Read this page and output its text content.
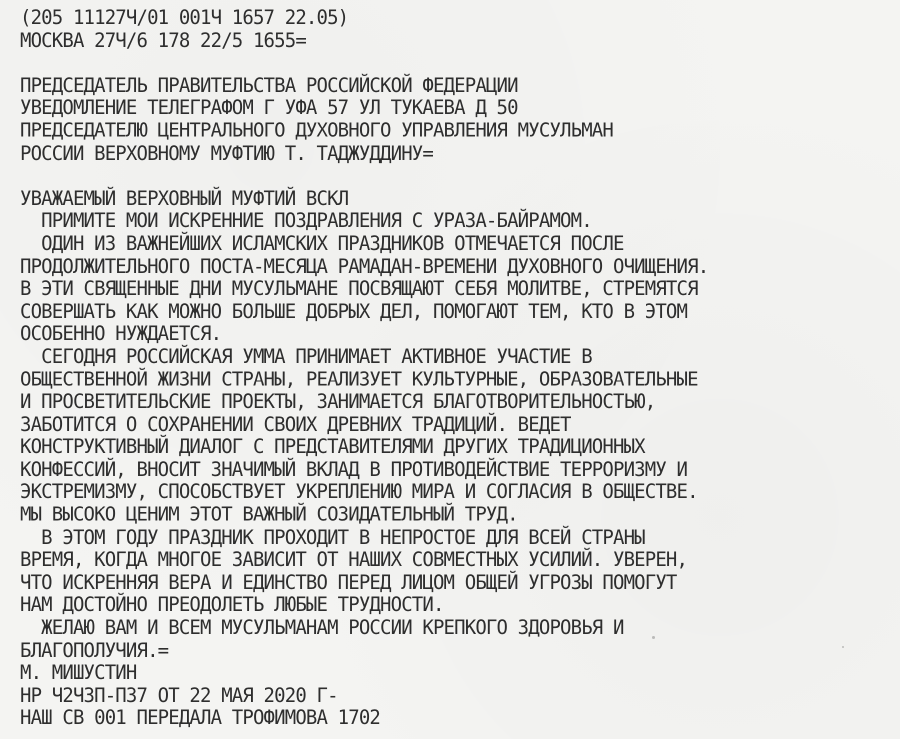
(205 11127Ч/01 001Ч 1657 22.05)
МОСКВА 27Ч/6 178 22/5 1655=
ПРЕДСЕДАТЕЛЬ ПРАВИТЕЛЬСТВА РОССИЙСКОЙ ФЕДЕРАЦИИ
УВЕДОМЛЕНИЕ ТЕЛЕГРАФОМ Г УФА 57 УЛ ТУКАЕВА Д 50
ПРЕДСЕДАТЕЛЮ ЦЕНТРАЛЬНОГО ДУХОВНОГО УПРАВЛЕНИЯ МУСУЛЬМАН
РОССИИ ВЕРХОВНОМУ МУФТИЮ Т. ТАДЖУДДИНУ=
УВАЖАЕМЫЙ ВЕРХОВНЫЙ МУФТИЙ ВСКЛ
ПРИМИТЕ МОИ ИСКРЕННИЕ ПОЗДРАВЛЕНИЯ С УРАЗА-БАЙРАМОМ.
ОДИН ИЗ ВАЖНЕЙШИХ ИСЛАМСКИХ ПРАЗДНИКОВ ОТМЕЧАЕТСЯ ПОСЛЕ
ПРОДОЛЖИТЕЛЬНОГО ПОСТА-МЕСЯЦА РАМАДАН-ВРЕМЕНИ ДУХОВНОГО ОЧИЩЕНИЯ.
В ЭТИ СВЯЩЕННЫЕ ДНИ МУСУЛЬМАНЕ ПОСВЯЩАЮТ СЕБЯ МОЛИТВЕ, СТРЕМЯТСЯ
СОВЕРШАТЬ КАК МОЖНО БОЛЬШЕ ДОБРЫХ ДЕЛ, ПОМОГАЮТ ТЕМ, КТО В ЭТОМ
ОСОБЕННО НУЖДАЕТСЯ.
СЕГОДНЯ РОССИЙСКАЯ УММА ПРИНИМАЕТ АКТИВНОЕ УЧАСТИЕ В
ОБЩЕСТВЕННОЙ ЖИЗНИ СТРАНЫ, РЕАЛИЗУЕТ КУЛЬТУРНЫЕ, ОБРАЗОВАТЕЛЬНЫЕ
И ПРОСВЕТИТЕЛЬСКИЕ ПРОЕКТЫ, ЗАНИМАЕТСЯ БЛАГОТВОРИТЕЛЬНОСТЬЮ,
ЗАБОТИТСЯ О СОХРАНЕНИИ СВОИХ ДРЕВНИХ ТРАДИЦИЙ. ВЕДЕТ
КОНСТРУКТИВНЫЙ ДИАЛОГ С ПРЕДСТАВИТЕЛЯМИ ДРУГИХ ТРАДИЦИОННЫХ
КОНФЕССИЙ, ВНОСИТ ЗНАЧИМЫЙ ВКЛАД В ПРОТИВОДЕЙСТВИЕ ТЕРРОРИЗМУ И
ЭКСТРЕМИЗМУ, СПОСОБСТВУЕТ УКРЕПЛЕНИЮ МИРА И СОГЛАСИЯ В ОБЩЕСТВЕ.
МЫ ВЫСОКО ЦЕНИМ ЭТОТ ВАЖНЫЙ СОЗИДАТЕЛЬНЫЙ ТРУД.
В ЭТОМ ГОДУ ПРАЗДНИК ПРОХОДИТ В НЕПРОСТОЕ ДЛЯ ВСЕЙ СТРАНЫ
ВРЕМЯ, КОГДА МНОГОЕ ЗАВИСИТ ОТ НАШИХ СОВМЕСТНЫХ УСИЛИЙ. УВЕРЕН,
ЧТО ИСКРЕННЯЯ ВЕРА И ЕДИНСТВО ПЕРЕД ЛИЦОМ ОБЩЕЙ УГРОЗЫ ПОМОГУТ
НАМ ДОСТОЙНО ПРЕОДОЛЕТЬ ЛЮБЫЕ ТРУДНОСТИ.
ЖЕЛАЮ ВАМ И ВСЕМ МУСУЛЬМАНАМ РОССИИ КРЕПКОГО ЗДОРОВЬЯ И
БЛАГОПОЛУЧИЯ.=
М. МИШУСТИН
НР Ч2Ч3П-П37 ОТ 22 МАЯ 2020 Г-
НАШ СВ 001 ПЕРЕДАЛА ТРОФИМОВА 1702
